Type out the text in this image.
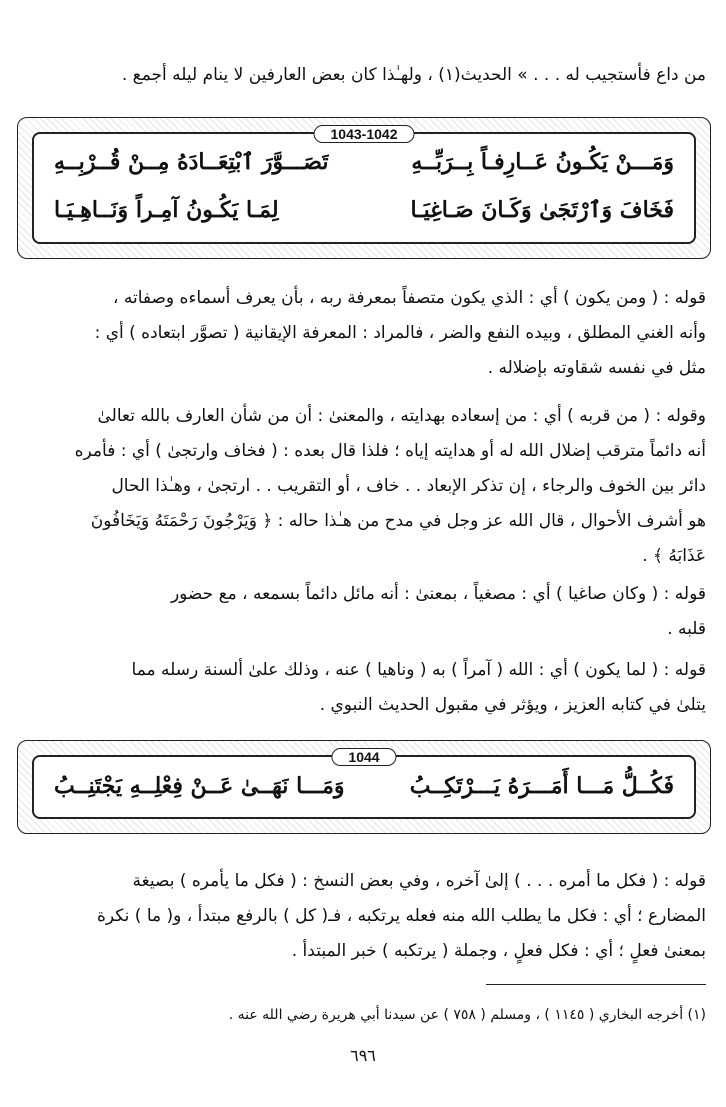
من داع فأستجيب له . . . » الحديث(١) ، ولهـٰذا كان بعض العارفين لا ينام ليله أجمع .
1043-1042
وَمَـــنْ يَكُـونُ عَــارِفـاً بِــرَبِّــهِ
تَصَـــوَّرَ ٱبْتِعَــادَهُ مِــنْ قُــرْبِــهِ
فَخَافَ وَٱرْتَجَىٰ وَكَـانَ صَـاغِيَـا
لِمَـا يَكُـونُ آمِـراً وَنَــاهِـيَـا
قوله : ( ومن يكون ) أي : الذي يكون متصفاً بمعرفة ربه ، بأن يعرف أسماءه وصفاته ،
وأنه الغني المطلق ، وبيده النفع والضر ، فالمراد : المعرفة الإيقانية ( تصوَّر ابتعاده ) أي :
مثل في نفسه شقاوته بإضلاله .
وقوله : ( من قربه ) أي : من إسعاده بهدايته ، والمعنىٰ : أن من شأن العارف بالله تعالىٰ
أنه دائماً مترقب إضلال الله له أو هدايته إياه ؛ فلذا قال بعده : ( فخاف وارتجىٰ ) أي : فأمره
دائر بين الخوف والرجاء ، إن تذكر الإبعاد . . خاف ، أو التقريب . . ارتجىٰ ، وهـٰذا الحال
هو أشرف الأحوال ، قال الله عز وجل في مدح من هـٰذا حاله : ﴿ وَيَرْجُونَ رَحْمَتَهُ وَيَخَافُونَ
عَذَابَهُ ﴾ .
قوله : ( وكان صاغيا ) أي : مصغياً ، بمعنىٰ : أنه مائل دائماً بسمعه ، مع حضور
قلبه .
قوله : ( لما يكون ) أي : الله ( آمراً ) به ( وناهيا ) عنه ، وذلك علىٰ ألسنة رسله مما
يتلىٰ في كتابه العزيز ، ويؤثر في مقبول الحديث النبوي .
1044
فَكُــلُّ مَـــا أَمَـــرَهُ يَـــرْتَكِــبُ
وَمَـــا نَهَــىٰ عَــنْ فِعْلِــهِ يَجْتَنِــبُ
قوله : ( فكل ما أمره . . . ) إلىٰ آخره ، وفي بعض النسخ : ( فكل ما يأمره ) بصيغة
المضارع ؛ أي : فكل ما يطلب الله منه فعله يرتكبه ، فـ( كل ) بالرفع مبتدأ ، و( ما ) نكرة
بمعنىٰ فعلٍ ؛ أي : فكل فعلٍ ، وجملة ( يرتكبه ) خبر المبتدأ .
(١) أخرجه البخاري ( ١١٤٥ ) ، ومسلم ( ٧٥٨ ) عن سيدنا أبي هريرة رضي الله عنه .
٦٩٦
